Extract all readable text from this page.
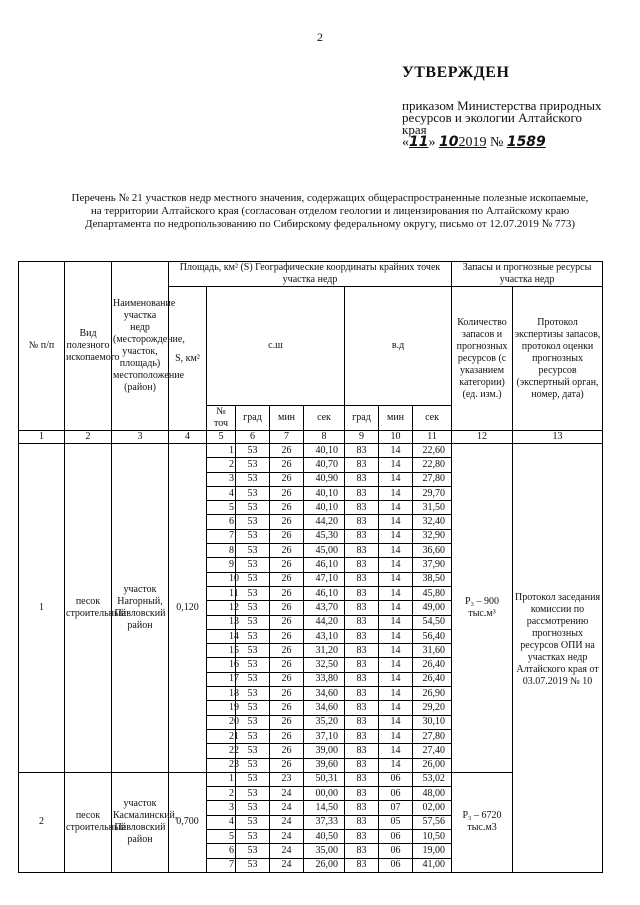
2
УТВЕРЖДЕН
приказом Министерства природных ресурсов и экологии Алтайского края
«11» 102019 № 1589
Перечень № 21 участков недр местного значения, содержащих общераспространенные полезные ископаемые, на территории Алтайского края (согласован отделом геологии и лицензирования по Алтайскому краю Департамента по недропользованию по Сибирскому федеральному округу, письмо от 12.07.2019 № 773)
№ п/п	Вид полезного ископаемого	Наименование участка недр (месторождение, участок, площадь) местоположение (район)	Площадь, км² (S) Географические координаты крайних точек участка недр								Запасы и прогнозные ресурсы участка недр	
			S, км²	с.ш				в.д			Количество запасов и прогнозных ресурсов (с указанием категории) (ед. изм.)	Протокол экспертизы запасов, протокол оценки прогнозных ресурсов (экспертный орган, номер, дата)
				№ точ	град	мин	сек	град	мин	сек		
1	2	3	4	5	6	7	8	9	10	11	12	13
1	песок строительный	участок Нагорный, Павловский район	0,120	1	53	26	40,10	83	14	22,60	P₃ – 900 тыс.м³	Протокол заседания комиссии по рассмотрению прогнозных ресурсов ОПИ на участках недр Алтайского края от 03.07.2019 № 10
				2	53	26	40,70	83	14	22,80		
				3	53	26	40,90	83	14	27,80		
				4	53	26	40,10	83	14	29,70		
				5	53	26	40,10	83	14	31,50		
				6	53	26	44,20	83	14	32,40		
				7	53	26	45,30	83	14	32,90		
				8	53	26	45,00	83	14	36,60		
				9	53	26	46,10	83	14	37,90		
				10	53	26	47,10	83	14	38,50		
				11	53	26	46,10	83	14	45,80		
				12	53	26	43,70	83	14	49,00		
				13	53	26	44,20	83	14	54,50		
				14	53	26	43,10	83	14	56,40		
				15	53	26	31,20	83	14	31,60		
				16	53	26	32,50	83	14	26,40		
				17	53	26	33,80	83	14	26,40		
				18	53	26	34,60	83	14	26,90		
				19	53	26	34,60	83	14	29,20		
				20	53	26	35,20	83	14	30,10		
				21	53	26	37,10	83	14	27,80		
				22	53	26	39,00	83	14	27,40		
				23	53	26	39,60	83	14	26,00		
2	песок строительный	участок Касмалинский, Павловский район	0,700	1	53	23	50,31	83	06	53,02	P₃ – 6720 тыс.м3	
				2	53	24	00,00	83	06	48,00		
				3	53	24	14,50	83	07	02,00		
				4	53	24	37,33	83	05	57,56		
				5	53	24	40,50	83	06	10,50		
				6	53	24	35,00	83	06	19,00		
				7	53	24	26,00	83	06	41,00		
